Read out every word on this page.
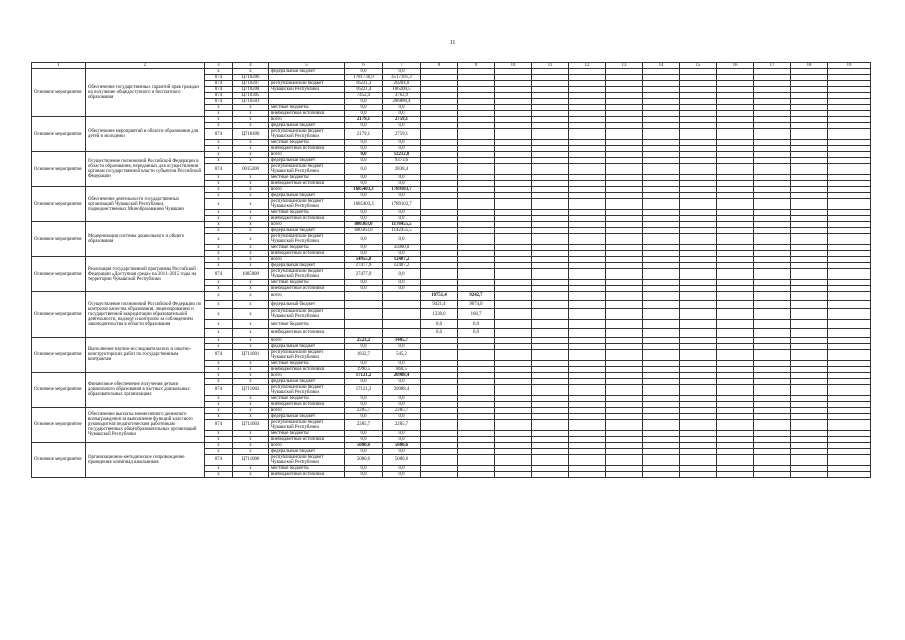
11
1	2	3	4	5	6	7	8	9	10	11	12	13	14	15	16	17	18	19
Основное мероприятие	Обеспечение государственных гарантий прав граждан на получение общедоступного и бесплатного образования	x	x	федеральный бюджет	0,0	0,0												
		874	Ц710206		1781736,9	4517181,3												
		874	Ц710207	республиканский бюджет	16221,3	20284,0												
		874	Ц710208	Чувашской Республики	16221,4	106200,5												
		874	Ц710305		7452,4	3762,9												
		874	Ц710501		0,0	206880,4												
		x	x	местные бюджеты	0,0	0,0												
		x	x	внебюджетные источники	0,0	0,0												
Основное мероприятие	Обеспечение мероприятий в области образования для детей и молодежи	x	x	всего	2179,1	2759,1												
		x	x	федеральный бюджет	0,0	0,0												
		874	Ц710400	республиканский бюджет Чувашской Республики	2179,1	2759,1												
		x	x	местные бюджеты	0,0	0,0												
		x	x	внебюджетные источники	0,0	0,0												
Основное мероприятие	Осуществление полномочий Российской Федерации в области образования, переданных для осуществления органам государственной власти субъектов Российской Федерации	x	x	всего	0,0	12212,0												
		x	x	федеральный бюджет	0,0	9373,6												
		874	0015200	республиканский бюджет Чувашской Республики	0,0	2838,4												
		x	x	местные бюджеты	0,0	0,0												
		x	x	внебюджетные источники	0,0	0,0												
Основное мероприятие	Обеспечение деятельности государственных организаций Чувашской Республики, подведомственных Минобразованию Чувашии	x	x	всего	1685403,3	1789103,7												
		x	x	федеральный бюджет	0,0	0,0												
		x	x	республиканский бюджет Чувашской Республики	1685403,3	1789103,7												
		x	x	местные бюджеты	0,0	0,0												
		x	x	внебюджетные источники	0,0	0,0												
Основное мероприятие	Модернизация системы дошкольного и общего образования	x	x	всего	800363,0	1178455,5												
		x	x	федеральный бюджет	800363,0	1142455,5												
		x	x	республиканский бюджет Чувашской Республики	0,0	0,0												
		x	x	местные бюджеты	0,0	35000,0												
		x	x	внебюджетные источники	0,0	0,0												
Основное мероприятие	Реализация государственной программы Российской Федерации «Доступная среда» на 2011–2015 годы на территории Чувашской Республики	x	x	всего	54955,8	12487,2												
		x	x	федеральный бюджет	27477,9	12487,2												
		874	1005000	республиканский бюджет Чувашской Республики	27477,9	0,0												
		x	x	местные бюджеты	0,0	0,0												
		x	x	внебюджетные источники	0,0	0,0												
Основное мероприятие	Осуществление полномочий Российской Федерации по контролю качества образования, лицензированию и государственной аккредитации образовательной деятельности, надзору и контролю за соблюдением законодательства в области образования	x	x	всего			10751,4	9242,7										
		x	x	федеральный бюджет			9421,4	9074,0										
		x	x	республиканский бюджет Чувашской Республики			1330,0	168,7										
		x	x	местные бюджеты			0,0	0,0										
		x	x	внебюджетные источники			0,0	0,0										
Основное мероприятие	Выполнение научно-исследовательских и опытно-конструкторских работ по государственным контрактам	x	x	всего	2523,2	1405,7												
		x	x	федеральный бюджет	0,0	0,0												
		874	Ц711001	республиканский бюджет Чувашской Республики	1832,7	545,2												
		x	x	местные бюджеты	0,0	0,0												
		x	x	внебюджетные источники	1990,5	860,5												
Основное мероприятие	Финансовое обеспечение получения детьми дошкольного образования в частных дошкольных образовательных организациях	x	x	всего	17121,2	20988,4												
		x	x	федеральный бюджет	0,0	0,0												
		874	Ц711002	республиканский бюджет Чувашской Республики	17121,2	20988,4												
		x	x	местные бюджеты	0,0	0,0												
		x	x	внебюджетные источники	0,0	0,0												
Основное мероприятие	Обеспечение выплаты ежемесячного денежного вознаграждения за выполнение функций классного руководителя педагогическим работникам государственных общеобразовательных организаций Чувашской Республики	x	x	всего	2285,7	2285,7												
		x	x	федеральный бюджет	0,0	0,0												
		874	Ц711003	республиканский бюджет Чувашской Республики	2285,7	2285,7												
		x	x	местные бюджеты	0,0	0,0												
		x	x	внебюджетные источники	0,0	0,0												
Основное мероприятие	Организационно-методическое сопровождение проведения олимпиад школьников	x	x	всего	5080,6	5080,6												
		x	x	федеральный бюджет	0,0	0,0												
		874	Ц711006	республиканский бюджет Чувашской Республики	5080,6	5080,6												
		x	x	местные бюджеты	0,0	0,0												
		x	x	внебюджетные источники	0,0	0,0												
